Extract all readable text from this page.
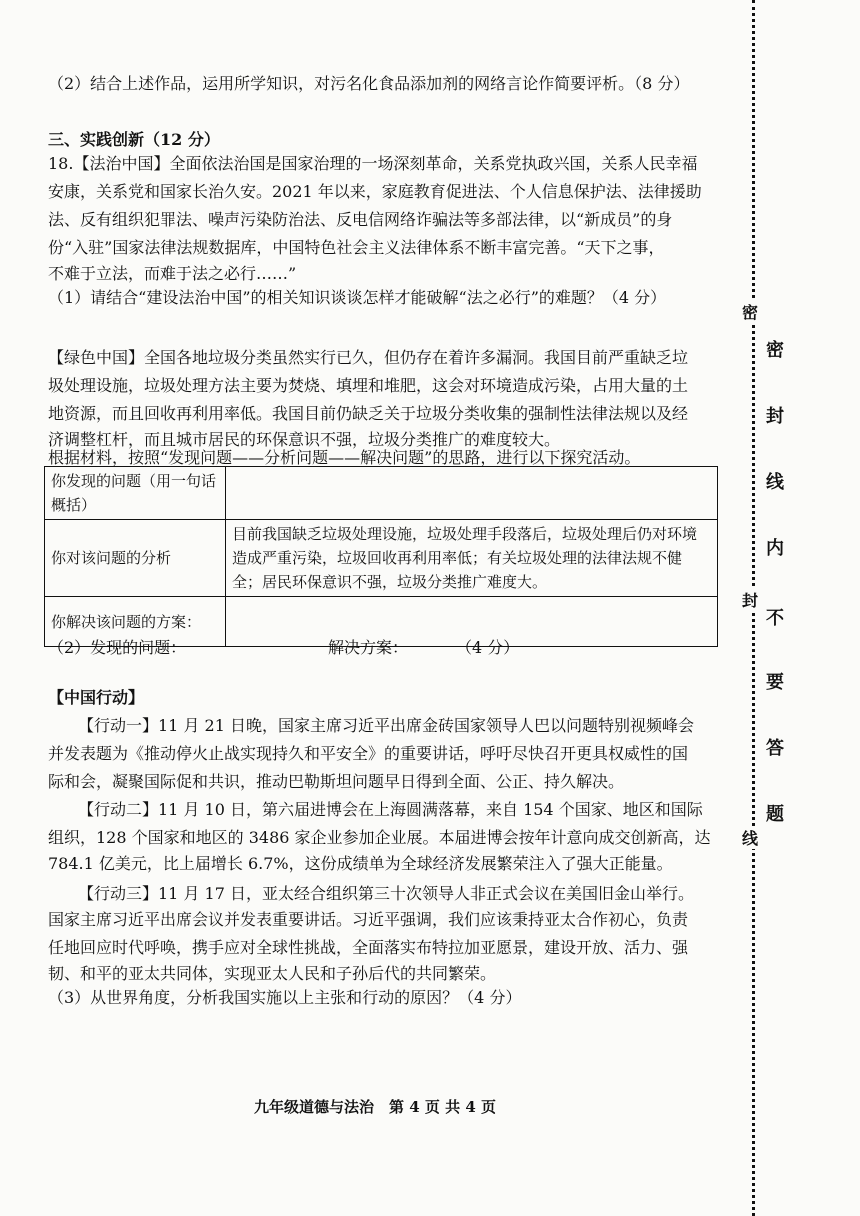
（2）结合上述作品，运用所学知识，对污名化食品添加剂的网络言论作简要评析。（8 分）
三、实践创新（12 分）
18.【法治中国】全面依法治国是国家治理的一场深刻革命，关系党执政兴国，关系人民幸福
安康，关系党和国家长治久安。2021 年以来，家庭教育促进法、个人信息保护法、法律援助
法、反有组织犯罪法、噪声污染防治法、反电信网络诈骗法等多部法律，以“新成员”的身
份“入驻”国家法律法规数据库，中国特色社会主义法律体系不断丰富完善。“天下之事，
不难于立法，而难于法之必行……”
（1）请结合“建设法治中国”的相关知识谈谈怎样才能破解“法之必行”的难题？（4 分）
【绿色中国】全国各地垃圾分类虽然实行已久，但仍存在着许多漏洞。我国目前严重缺乏垃
圾处理设施，垃圾处理方法主要为焚烧、填埋和堆肥，这会对环境造成污染，占用大量的土
地资源，而且回收再利用率低。我国目前仍缺乏关于垃圾分类收集的强制性法律法规以及经
济调整杠杆，而且城市居民的环保意识不强，垃圾分类推广的难度较大。
根据材料，按照“发现问题——分析问题——解决问题”的思路，进行以下探究活动。
你发现的问题（用一句话概括）	
你对该问题的分析	目前我国缺乏垃圾处理设施，垃圾处理手段落后，垃圾处理后仍对环境造成严重污染，垃圾回收再利用率低；有关垃圾处理的法律法规不健全；居民环保意识不强，垃圾分类推广难度大。
你解决该问题的方案：	
（2）发现的问题：	解决方案：	（4 分）
【中国行动】
【行动一】11 月 21 日晚，国家主席习近平出席金砖国家领导人巴以问题特别视频峰会
并发表题为《推动停火止战实现持久和平安全》的重要讲话，呼吁尽快召开更具权威性的国
际和会，凝聚国际促和共识，推动巴勒斯坦问题早日得到全面、公正、持久解决。
【行动二】11 月 10 日，第六届进博会在上海圆满落幕，来自 154 个国家、地区和国际
组织，128 个国家和地区的 3486 家企业参加企业展。本届进博会按年计意向成交创新高，达
784.1 亿美元，比上届增长 6.7%，这份成绩单为全球经济发展繁荣注入了强大正能量。
【行动三】11 月 17 日，亚太经合组织第三十次领导人非正式会议在美国旧金山举行。
国家主席习近平出席会议并发表重要讲话。习近平强调，我们应该秉持亚太合作初心，负责
任地回应时代呼唤，携手应对全球性挑战，全面落实布特拉加亚愿景，建设开放、活力、强
韧、和平的亚太共同体，实现亚太人民和子孙后代的共同繁荣。
（3）从世界角度，分析我国实施以上主张和行动的原因？（4 分）
九年级道德与法治　第 4 页 共 4 页
密
封
线
密
封
线
内
不
要
答
题
